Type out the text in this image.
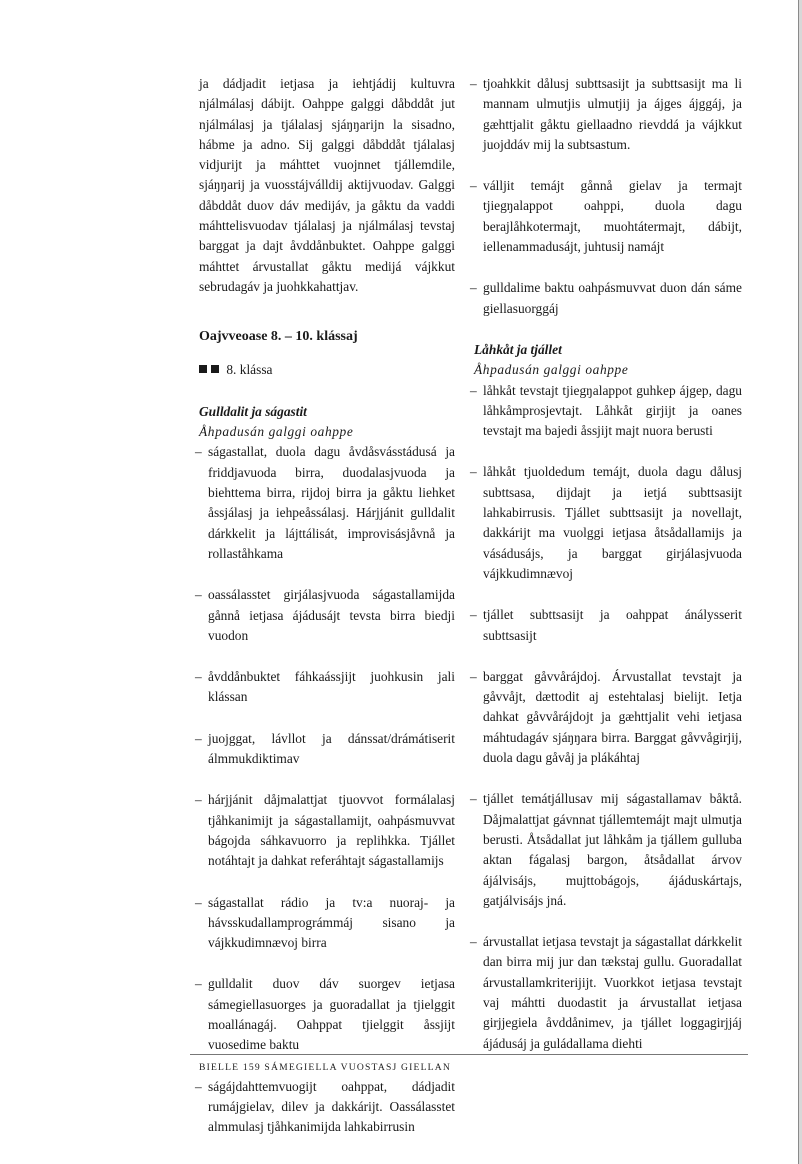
ja dádjadit ietjasa ja iehtjádij kultuvra njálmálasj dábijt. Oahppe galggi dåbddåt jut njálmálasj ja tjálalasj sjáŋŋarijn la sisadno, hábme ja adno. Sij galggi dåbddåt tjálalasj vidjurijt ja máhttet vuojnnet tjállemdile, sjáŋŋarij ja vuosstájválldij aktijvuodav. Galggi dåbddåt duov dáv medijáv, ja gåktu da vaddi máhttelisvuodav tjálalasj ja njálmálasj tevstaj barggat ja dajt åvddånbuktet. Oahppe galggi máhttet árvustallat gåktu medijá vájkkut sebrudagáv ja juohkkahattjav.

Oajvveoase 8. – 10. klássaj
8. klássa

Gulldalit ja ságastit

Åhpadusán galggi oahppe

– ságastallat, duola dagu åvdåsvásstádusá ja friddjavuoda birra, duodalasjvuoda ja biehttema birra, rijdoj birra ja gåktu liehket åssjálasj ja iehpeåssálasj. Hárjjánit gulldalit dárkkelit ja lájttálisát, improvisásjåvnå ja rollaståhkama
– oassálasstet girjálasjvuoda ságastallamijda gånnå ietjasa ájádusájt tevsta birra biedji vuodon
– åvddånbuktet fáhkaássjijt juohkusin jali klássan
– juojggat, lávllot ja dánssat/drámátiserit álmmukdiktimav
– hárjjánit dåjmalattjat tjuovvot formálalasj tjåhkanimijt ja ságastallamijt, oahpásmuvvat bágojda sáhkavuorro ja replihkka. Tjállet notáhtajt ja dahkat referáhtajt ságastallamijs
– ságastallat rádio ja tv:a nuoraj- ja hávsskudallamprográmmáj sisano ja vájkkudimnævoj birra
– gulldalit duov dáv suorgev ietjasa sámegiellasuorges ja guoradallat ja tjielggit moallánagáj. Oahppat tjielggit åssjijt vuosedime baktu
– ságájdahttemvuogijt oahppat, dádjadit rumájgielav, dilev ja dakkárijt. Oassálasstet almmulasj tjåhkanimijda lahkabirrusin
– tjoahkkit dålusj subttsasijt ja subttsasijt ma li mannam ulmutjis ulmutjij ja ájges ájggáj, ja gæhttjalit gåktu giellaadno rievddá ja vájkkut juojddáv mij la subtsastum.
– válljit temájt gånnå gielav ja termajt tjiegŋalappot oahppi, duola dagu berajlåhkotermajt, muohtátermajt, dábijt, iellenammadusájt, juhtusij namájt
– gulldalime baktu oahpásmuvvat duon dán sáme giellasuorggáj

Låhkåt ja tjállet

Åhpadusán galggi oahppe

– låhkåt tevstajt tjiegŋalappot guhkep ájgep, dagu låhkåmprosjevtajt. Låhkåt girjijt ja oanes tevstajt ma bajedi åssjijt majt nuora berusti
– låhkåt tjuoldedum temájt, duola dagu dålusj subttsasa, dijdajt ja ietjá subttsasijt lahkabirrusis. Tjállet subttsasijt ja novellajt, dakkárijt ma vuolggi ietjasa åtsådallamijs ja vásádusájs, ja barggat girjálasjvuoda vájkkudimnævoj
– tjállet subttsasijt ja oahppat ánálysserit subttsasijt
– barggat gåvvårájdoj. Árvustallat tevstajt ja gåvvåjt, dættodit aj estehtalasj bielijt. Ietja dahkat gåvvårájdojt ja gæhttjalit vehi ietjasa máhtudagáv sjáŋŋara birra. Barggat gåvvågirjij, duola dagu gåvåj ja plákáhtaj
– tjállet temátjállusav mij ságastallamav båktå. Dåjmalattjat gávnnat tjállemtemájt majt ulmutja berusti. Åtsådallat jut låhkåm ja tjállem gulluba aktan fágalasj bargon, åtsådallat árvov ájálvisájs, mujttobágojs, ájáduskártajs, gatjálvisájs jná.
– árvustallat ietjasa tevstajt ja ságastallat dárkkelit dan birra mij jur dan tækstaj gullu. Guoradallat árvustallamkriterijijt. Vuorkkot ietjasa tevstajt vaj máhtti duodastit ja árvustallat ietjasa girjjegiela åvddånimev, ja tjállet loggagirjjáj ájádusáj ja guládallama diehti
BIELLE 159 SÁMEGIELLA VUOSTASJ GIELLAN
